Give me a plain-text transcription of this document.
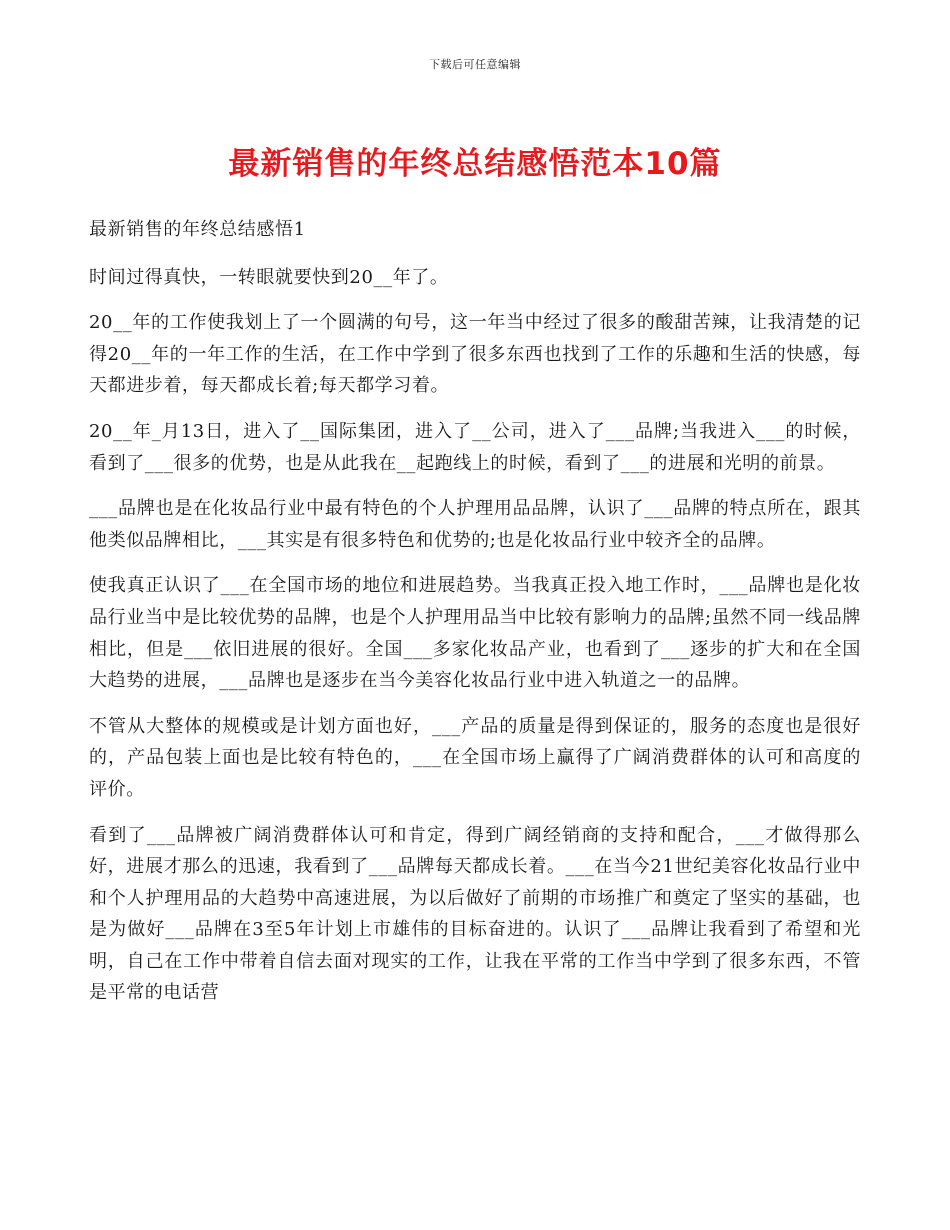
下载后可任意编辑
最新销售的年终总结感悟范本10篇

最新销售的年终总结感悟1

时间过得真快，一转眼就要快到20__年了。

20__年的工作使我划上了一个圆满的句号，这一年当中经过了很多的酸甜苦辣，让我清楚的记得20__年的一年工作的生活，在工作中学到了很多东西也找到了工作的乐趣和生活的快感，每天都进步着，每天都成长着;每天都学习着。

20__年_月13日，进入了__国际集团，进入了__公司，进入了___品牌;当我进入___的时候，看到了___很多的优势，也是从此我在__起跑线上的时候，看到了___的进展和光明的前景。

___品牌也是在化妆品行业中最有特色的个人护理用品品牌，认识了___品牌的特点所在，跟其他类似品牌相比，___其实是有很多特色和优势的;也是化妆品行业中较齐全的品牌。

使我真正认识了___在全国市场的地位和进展趋势。当我真正投入地工作时，___品牌也是化妆品行业当中是比较优势的品牌，也是个人护理用品当中比较有影响力的品牌;虽然不同一线品牌相比，但是___依旧进展的很好。全国___多家化妆品产业，也看到了___逐步的扩大和在全国大趋势的进展，___品牌也是逐步在当今美容化妆品行业中进入轨道之一的品牌。

不管从大整体的规模或是计划方面也好，___产品的质量是得到保证的，服务的态度也是很好的，产品包装上面也是比较有特色的，___在全国市场上赢得了广阔消费群体的认可和高度的评价。

看到了___品牌被广阔消费群体认可和肯定，得到广阔经销商的支持和配合，___才做得那么好，进展才那么的迅速，我看到了___品牌每天都成长着。___在当今21世纪美容化妆品行业中和个人护理用品的大趋势中高速进展，为以后做好了前期的市场推广和奠定了坚实的基础，也是为做好___品牌在3至5年计划上市雄伟的目标奋进的。认识了___品牌让我看到了希望和光明，自己在工作中带着自信去面对现实的工作，让我在平常的工作当中学到了很多东西，不管是平常的电话营
